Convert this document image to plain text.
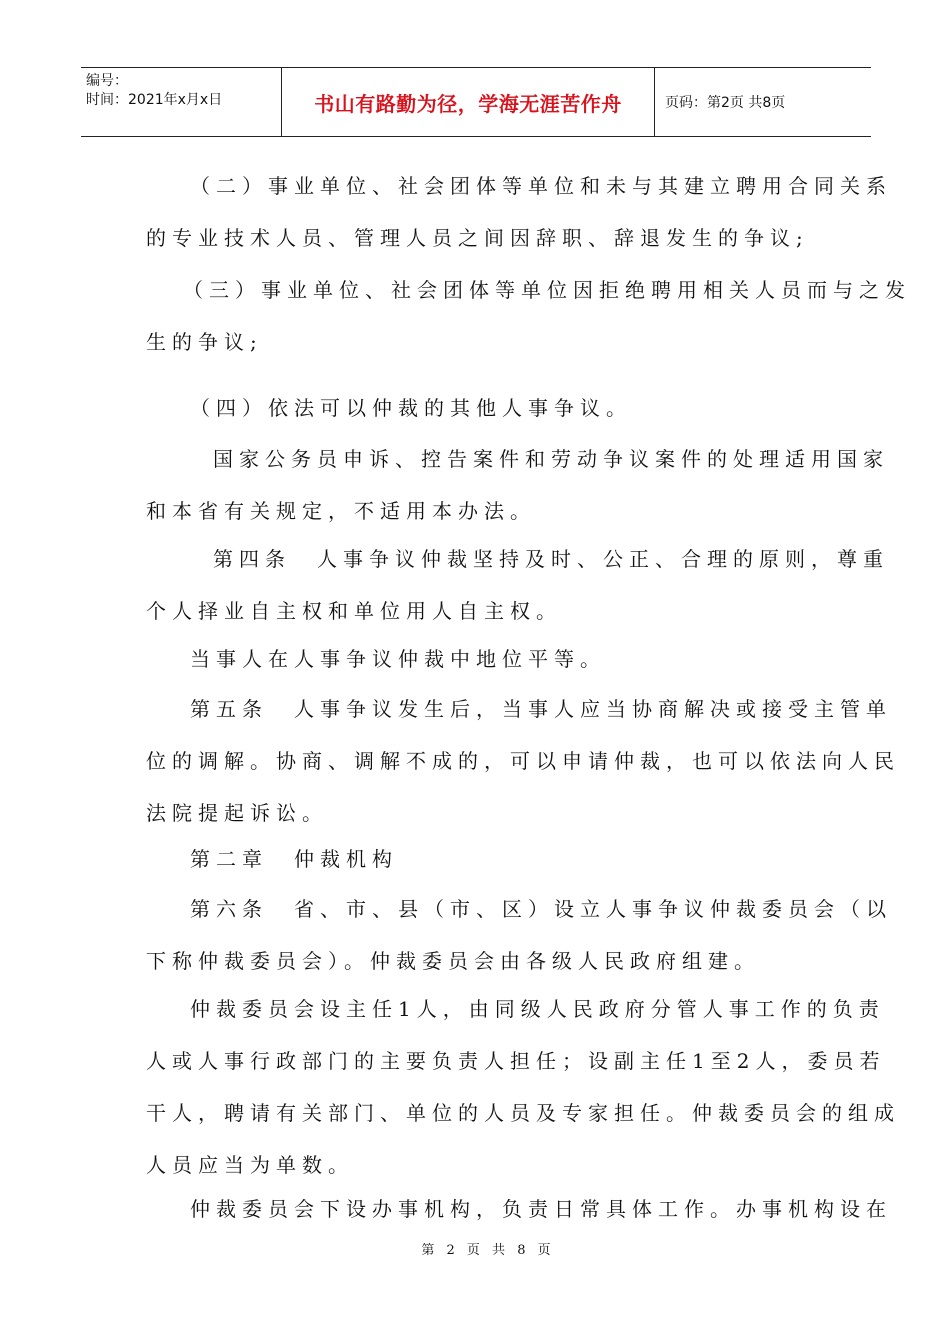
编号：
时间：2021年x月x日	书山有路勤为径，学海无涯苦作舟	页码：第2页 共8页
（二）事业单位、社会团体等单位和未与其建立聘用合同关系
的专业技术人员、管理人员之间因辞职、辞退发生的争议;
（三）事业单位、社会团体等单位因拒绝聘用相关人员而与之发
生的争议;
（四）依法可以仲裁的其他人事争议。
国家公务员申诉、控告案件和劳动争议案件的处理适用国家
和本省有关规定，不适用本办法。
第四条　人事争议仲裁坚持及时、公正、合理的原则，尊重
个人择业自主权和单位用人自主权。
当事人在人事争议仲裁中地位平等。
第五条　人事争议发生后，当事人应当协商解决或接受主管单
位的调解。协商、调解不成的，可以申请仲裁，也可以依法向人民
法院提起诉讼。
第二章　仲裁机构
第六条　省、市、县（市、区）设立人事争议仲裁委员会（以
下称仲裁委员会）。仲裁委员会由各级人民政府组建。
仲裁委员会设主任1人，由同级人民政府分管人事工作的负责
人或人事行政部门的主要负责人担任；设副主任1至2人，委员若
干人，聘请有关部门、单位的人员及专家担任。仲裁委员会的组成
人员应当为单数。
仲裁委员会下设办事机构，负责日常具体工作。办事机构设在
第 2 页 共 8 页
